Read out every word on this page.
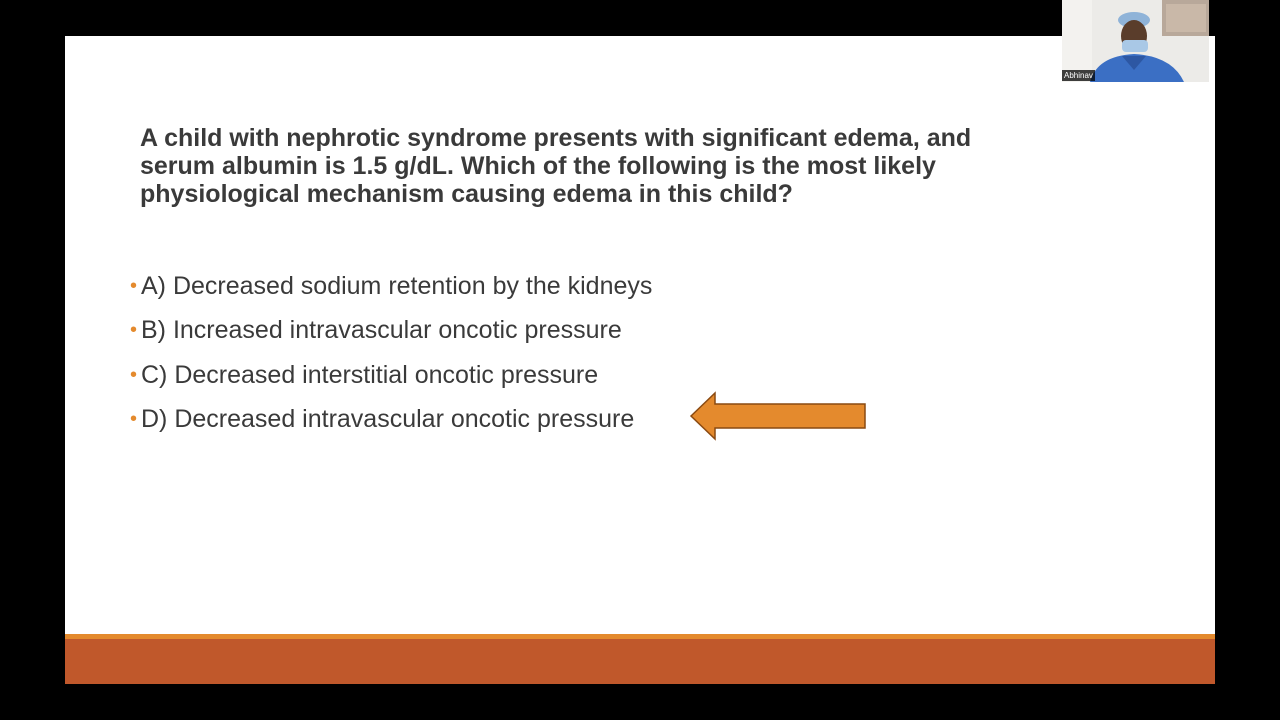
A child with nephrotic syndrome presents with significant edema, and serum albumin is 1.5 g/dL. Which of the following is the most likely physiological mechanism causing edema in this child?

• A) Decreased sodium retention by the kidneys
• B) Increased intravascular oncotic pressure
• C) Decreased interstitial oncotic pressure
• D) Decreased intravascular oncotic pressure
Abhinav
